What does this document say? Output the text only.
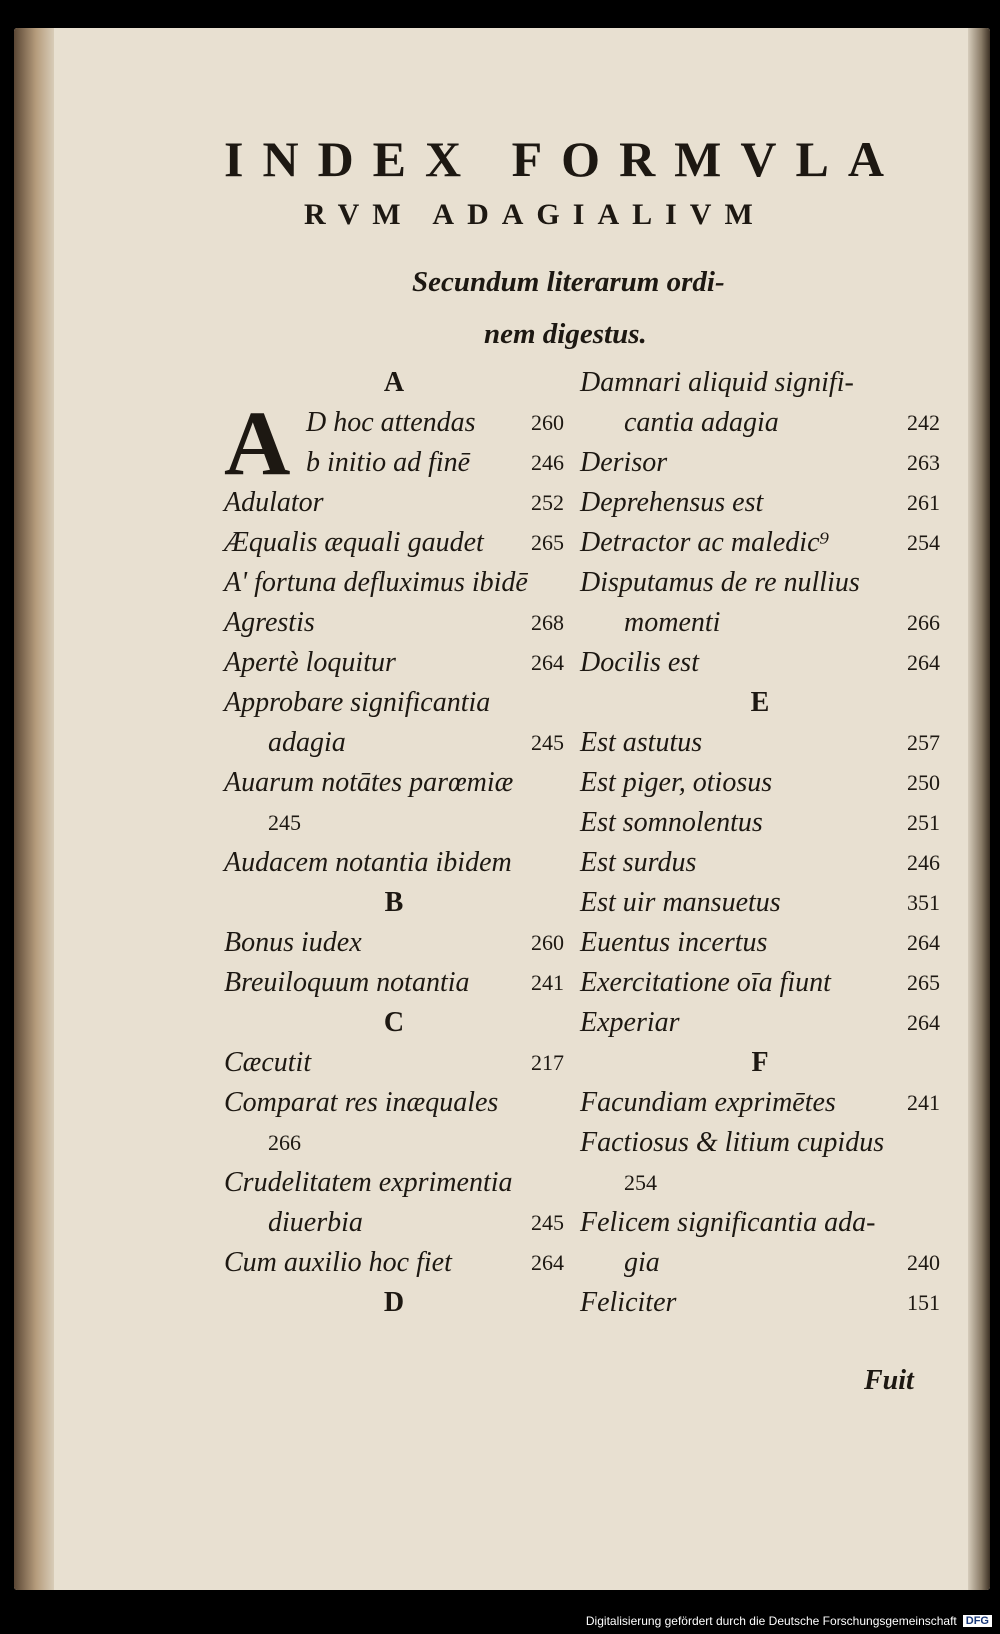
INDEX FORMVLA
RVM ADAGIALIVM
Secundum literarum ordi-
nem digestus.
A
A D hoc attendas	260
b initio ad finē	246
Adulator	252
Æqualis æquali gaudet 265
A' fortuna defluximus ibidē
Agrestis	268
Apertè loquitur	264
Approbare significantia
adagia	245
Auarum notātes parœmiæ
245
Audacem notantia ibidem
B
Bonus iudex	260
Breuiloquum notantia	241
C
Cæcutit	217
Comparat res inæquales
266
Crudelitatem exprimentia
diuerbia	245
Cum auxilio hoc fiet	264
D
Damnari aliquid signifi-
cantia adagia	242
Derisor	263
Deprehensus est	261
Detractor ac maledic⁹	254
Disputamus de re nullius
momenti	266
Docilis est	264
E
Est astutus	257
Est piger, otiosus	250
Est somnolentus	251
Est surdus	246
Est uir mansuetus	351
Euentus incertus	264
Exercitatione oīa fiunt	265
Experiar	264
F
Facundiam exprimētes	241
Factiosus & litium cupidus
254
Felicem significantia ada-
gia	240
Feliciter	151
Fuit
Digitalisierung gefördert durch die Deutsche Forschungsgemeinschaft DFG
